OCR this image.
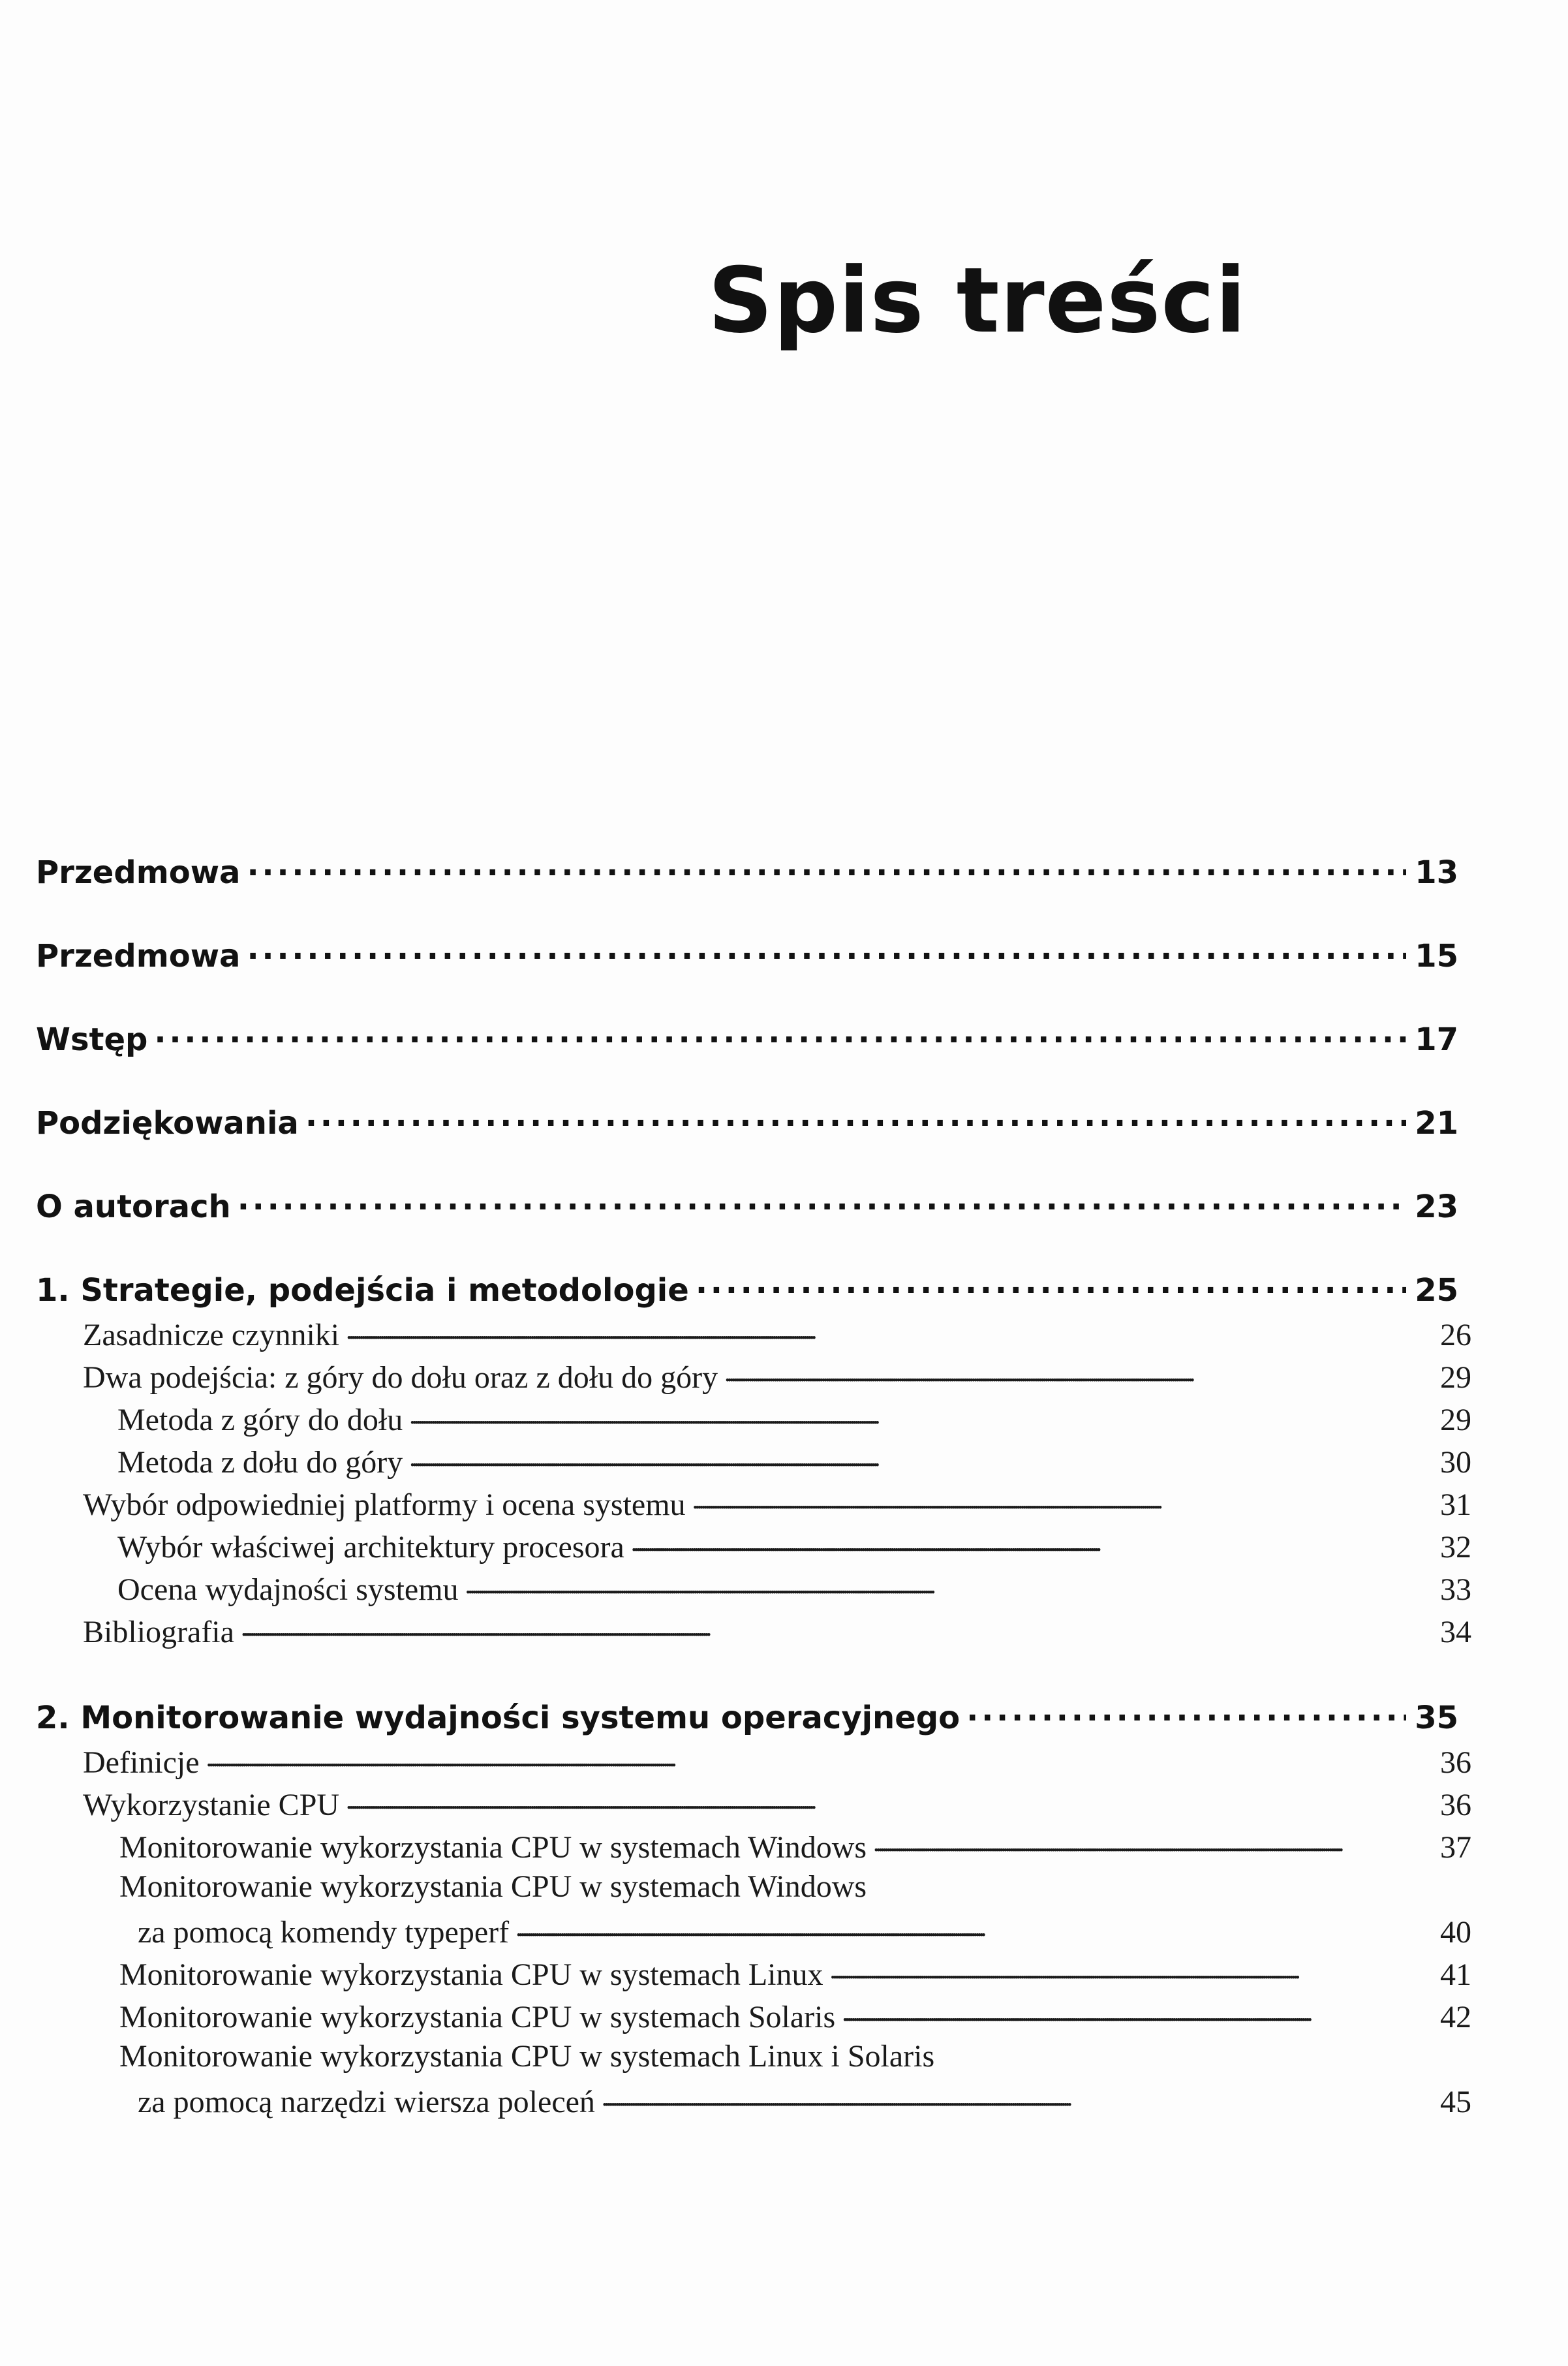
Spis treści
Przedmowa . . .	13
Przedmowa . . .	15
Wstęp . . .	17
Podziękowania . . .	21
O autorach . . .	23
1. Strategie, podejścia i metodologie . . .	25
Zasadnicze czynniki . . .	26
Dwa podejścia: z góry do dołu oraz z dołu do góry . . .	29
Metoda z góry do dołu . . .	29
Metoda z dołu do góry . . .	30
Wybór odpowiedniej platformy i ocena systemu . . .	31
Wybór właściwej architektury procesora . . .	32
Ocena wydajności systemu . . .	33
Bibliografia . . .	34
2. Monitorowanie wydajności systemu operacyjnego . . .	35
Definicje . . .	36
Wykorzystanie CPU . . .	36
Monitorowanie wykorzystania CPU w systemach Windows . . .	37
Monitorowanie wykorzystania CPU w systemach Windows
za pomocą komendy typeperf . . .	40
Monitorowanie wykorzystania CPU w systemach Linux . . .	41
Monitorowanie wykorzystania CPU w systemach Solaris . . .	42
Monitorowanie wykorzystania CPU w systemach Linux i Solaris
za pomocą narzędzi wiersza poleceń . . .	45
